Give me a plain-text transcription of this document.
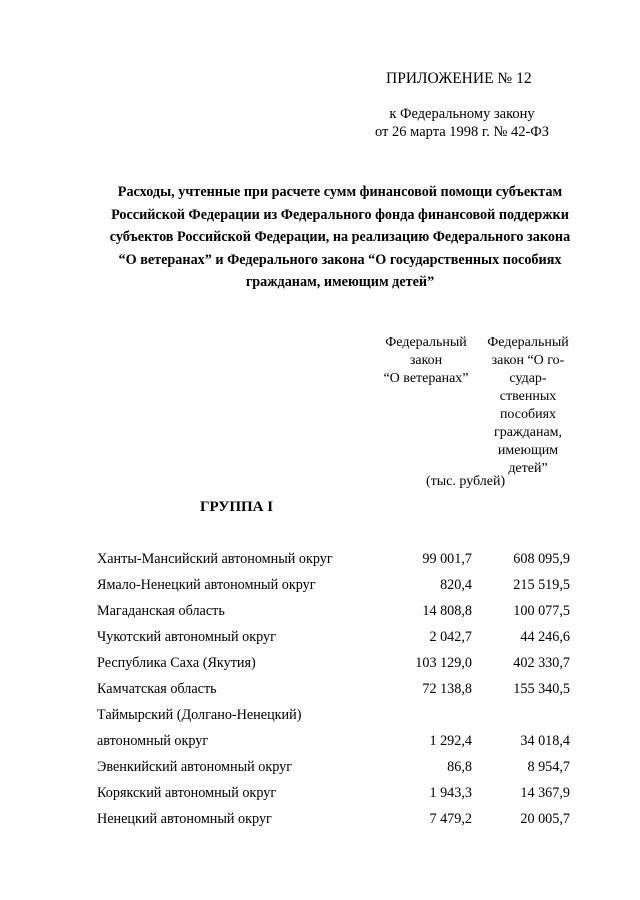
ПРИЛОЖЕНИЕ № 12
к Федеральному закону
от 26 марта 1998 г. № 42-ФЗ
Расходы, учтенные при расчете сумм финансовой помощи субъектам
Российской Федерации из Федерального фонда финансовой поддержки
субъектов Российской Федерации, на реализацию Федерального закона
“О ветеранах” и Федерального закона “О государственных пособиях
гражданам, имеющим детей”
Федеральный
закон
“О ветеранах”
Федеральный
закон “О го-
судар-
ственных
пособиях
гражданам,
имеющим
детей”
(тыс. рублей)
ГРУППА I
Ханты-Мансийский автономный округ	99 001,7	608 095,9
Ямало-Ненецкий автономный округ	820,4	215 519,5
Магаданская область	14 808,8	100 077,5
Чукотский автономный округ	2 042,7	44 246,6
Республика Саха (Якутия)	103 129,0	402 330,7
Камчатская область	72 138,8	155 340,5
Таймырский (Долгано-Ненецкий)
автономный округ	1 292,4	34 018,4
Эвенкийский автономный округ	86,8	8 954,7
Корякский автономный округ	1 943,3	14 367,9
Ненецкий автономный округ	7 479,2	20 005,7
